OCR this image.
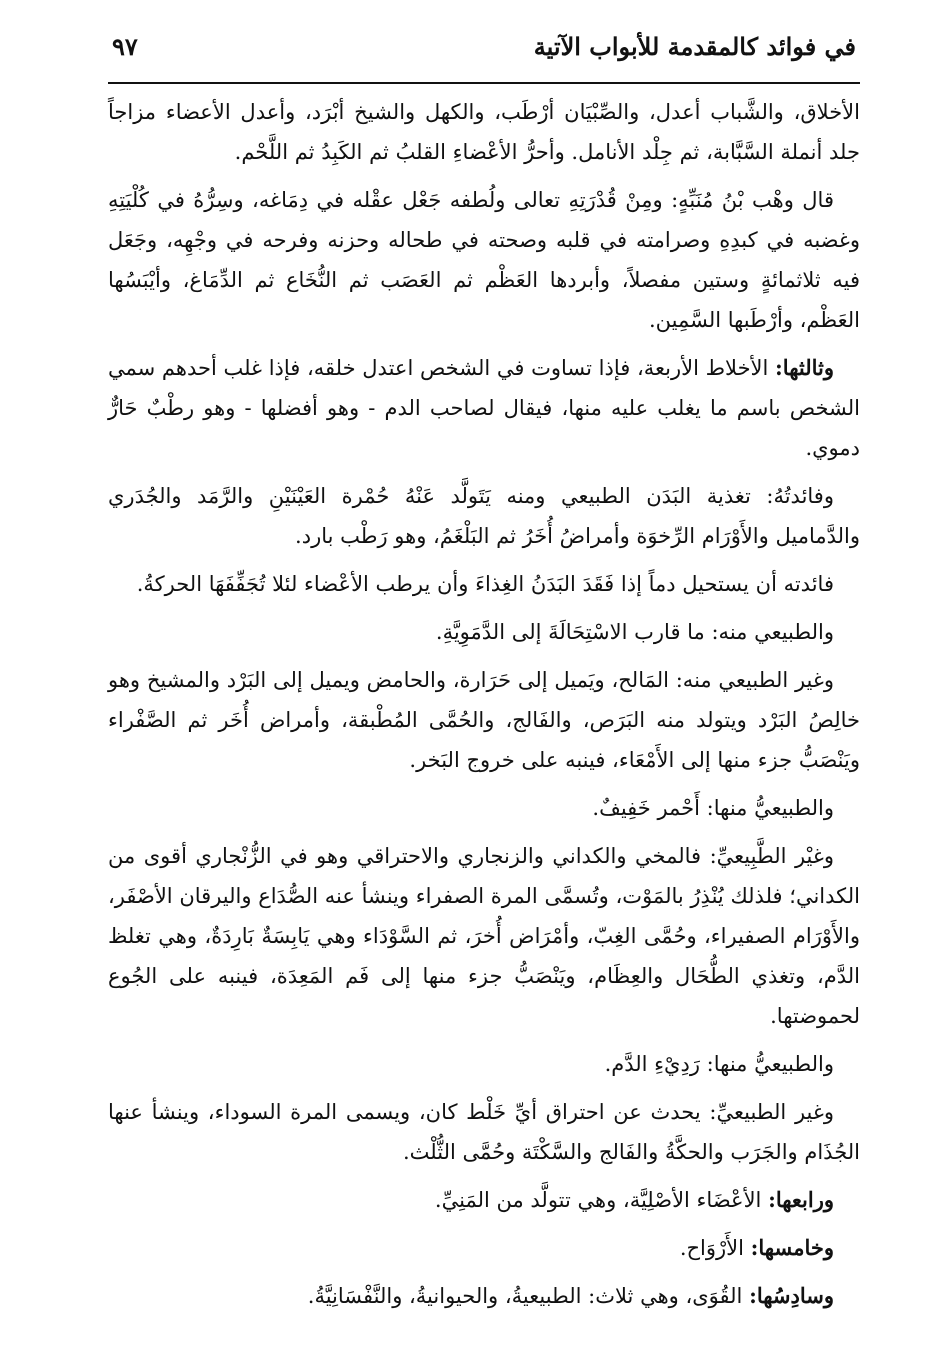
في فوائد كالمقدمة للأبواب الآتية
٩٧

الأخلاق، والشَّباب أعدل، والصِّبْيَان أرْطَب، والكهل والشيخ أبْرَد، وأعدل الأعضاء مزاجاً جلد أنملة السَّبَّابة، ثم جِلْد الأنامل. وأحرُّ الأعْضاءِ القلبُ ثم الكَبِدُ ثم اللَّحْم.

قال وهْب بْنُ مُنَبِّهٍ: ومِنْ قُدْرَتِهِ تعالى ولُطفه جَعْل عقْله في دِمَاغه، وسِرُّهُ في كُلْيَتِهِ وغضبه في كبدِهِ وصرامته في قلبه وصحته في طحاله وحزنه وفرحه في وجْهِه، وجَعَل فيه ثلاثمائةٍ وستين مفصلاً، وأبردها العَظْم ثم العَصَب ثم النُّخَاع ثم الدِّمَاغ، وأيْبَسُها العَظْم، وأرْطَبها السَّمِين.

وثالثها: الأخلاط الأربعة، فإذا تساوت في الشخص اعتدل خلقه، فإذا غلب أحدهم سمي الشخص باسم ما يغلب عليه منها، فيقال لصاحب الدم - وهو أفضلها - وهو رطْبٌ حَارٌّ دموي.

وفائدتُهُ: تغذية البَدَن الطبيعي ومنه يَتَولَّد عَنْهُ حُمْرة العَيْنَيْنِ والرَّمَد والجُدَري والدَّماميل والأَوْرَام الرِّخوَة وأمراضُ أُخَرُ ثم البَلْغَمُ، وهو رَطْب بارد.

فائدته أن يستحيل دماً إذا فَقَدَ البَدَنُ الغِذاءَ وأن يرطب الأعْضاء لئلا تُجَفِّفَهَا الحركةُ.

والطبيعي منه: ما قارب الاسْتِحَالَةَ إلى الدَّمَوِيَّةِ.

وغير الطبيعي منه: المَالح، ويَميل إلى حَرَارة، والحامض ويميل إلى البَرْد والمشيخ وهو خالِصُ البَرْد ويتولد منه البَرَص، والفَالج، والحُمَّى المُطْبقة، وأمراض أُخَر ثم الصَّفْراء ويَنْصَبُّ جزء منها إلى الأَمْعَاء، فينبه على خروج البَخر.

والطبيعيُّ منها: أَحْمر خَفِيفٌ.

وغيْر الطَّبِيعيِّ: فالمخي والكداني والزنجاري والاحتراقي وهو في الزُّنْجاري أقوى من الكداني؛ فلذلك يُنْذِرُ بالمَوْت، وتُسمَّى المرة الصفراء وينشأ عنه الصُّدَاع واليرقان الأصْفَر، والأَوْرَام الصفيراء، وحُمَّى الغِبّ، وأمْرَاض أُخرَ، ثم السَّوْدَاء وهي يَابِسَةٌ بَارِدَةٌ، وهي تغلظ الدَّم، وتغذي الطُّحَال والعِظَام، ويَنْصَبُّ جزء منها إلى فَم المَعِدَة، فينبه على الجُوع لحموضتها.

والطبيعيُّ منها: رَدِيْءِ الدَّم.

وغير الطبيعيِّ: يحدث عن احتراق أيِّ خَلْط كان، ويسمى المرة السوداء، وينشأ عنها الجُذَام والجَرَب والحكَّةُ والفَالج والسَّكْتَة وحُمَّى الثُّلْث.

ورابعها: الأعْضَاء الأصْلِيَّة، وهي تتولَّد من المَنِيِّ.

وخامسها: الأَرْوَاح.

وسادِسُها: القُوَى، وهي ثلاث: الطبيعيةُ، والحيوانيةُ، والنَّفْسَانِيَّةُ.
